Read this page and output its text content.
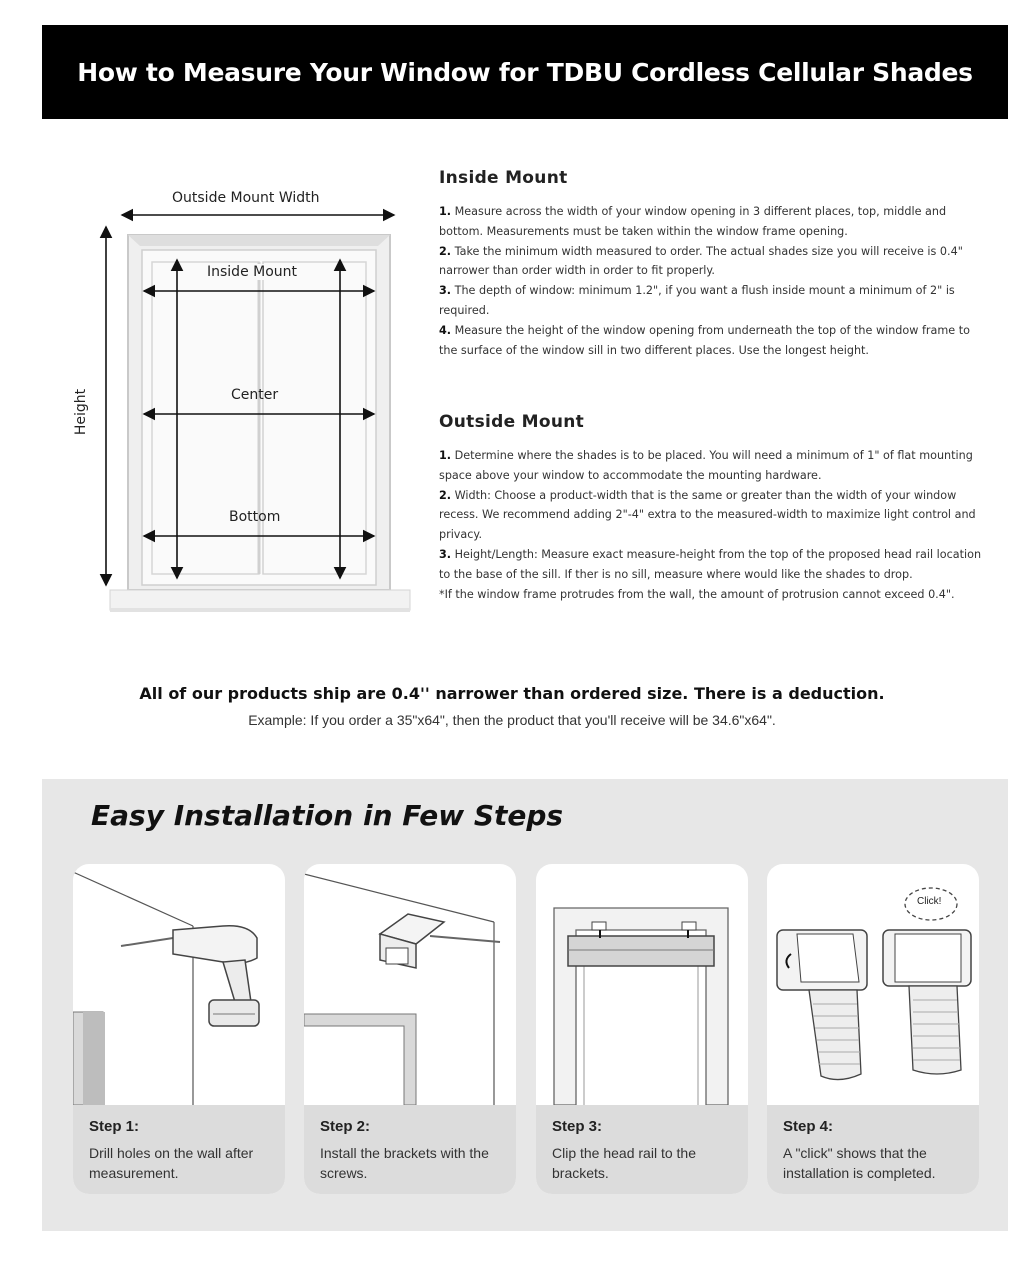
How to Measure Your Window for TDBU Cordless Cellular Shades
Outside Mount Width
Inside Mount
Center
Bottom
Height
Inside Mount

1. Measure across the width of your window opening in 3 different places, top, middle and bottom. Measurements must be taken within the window frame opening.

2. Take the minimum width measured to order. The actual shades size you will receive is 0.4" narrower than order width in order to fit properly.

3. The depth of window: minimum 1.2", if you want a flush inside mount a minimum of 2" is required.

4. Measure the height of the window opening from underneath the top of the window frame to the surface of the window sill in two different places. Use the longest height.

Outside Mount

1. Determine where the shades is to be placed. You will need a minimum of 1" of flat mounting space above your window to accommodate the mounting hardware.

2. Width: Choose a product-width that is the same or greater than the width of your window recess. We recommend adding 2"-4" extra to the measured-width to maximize light control and privacy.

3. Height/Length: Measure exact measure-height from the top of the proposed head rail location to the base of the sill. If ther is no sill, measure where would like the shades to drop.

*If the window frame protrudes from the wall, the amount of protrusion cannot exceed 0.4".

All of our products ship are 0.4'' narrower than ordered size. There is a deduction.
Example: If you order a 35"x64", then the product that you'll receive will be 34.6"x64".
Easy Installation in Few Steps
Step 1:
Drill holes on the wall after measurement.
Step 2:
Install the brackets with the screws.
Step 3:
Clip the head rail to the brackets.
Click!
Step 4:
A "click" shows that the installation is completed.
